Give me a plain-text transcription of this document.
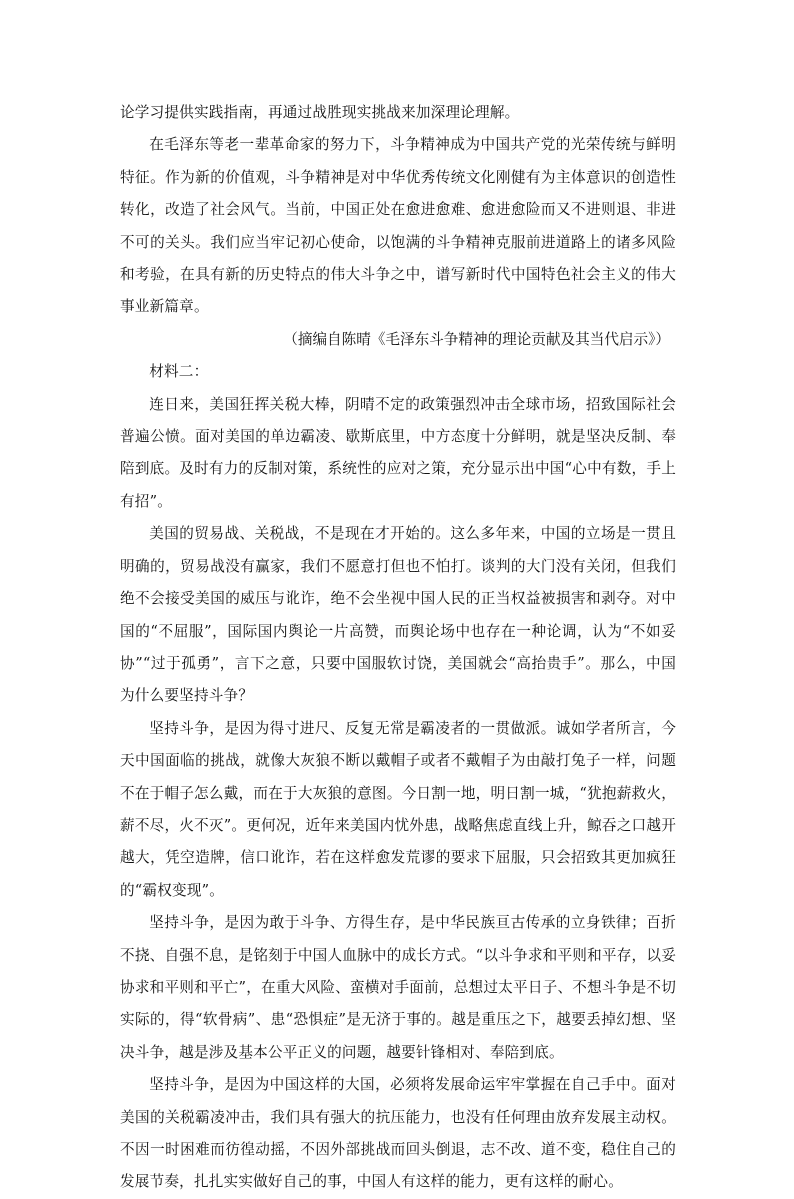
论学习提供实践指南，再通过战胜现实挑战来加深理论理解。

在毛泽东等老一辈革命家的努力下，斗争精神成为中国共产党的光荣传统与鲜明特征。作为新的价值观，斗争精神是对中华优秀传统文化刚健有为主体意识的创造性转化，改造了社会风气。当前，中国正处在愈进愈难、愈进愈险而又不进则退、非进不可的关头。我们应当牢记初心使命，以饱满的斗争精神克服前进道路上的诸多风险和考验，在具有新的历史特点的伟大斗争之中，谱写新时代中国特色社会主义的伟大事业新篇章。

（摘编自陈晴《毛泽东斗争精神的理论贡献及其当代启示》）

材料二：

连日来，美国狂挥关税大棒，阴晴不定的政策强烈冲击全球市场，招致国际社会普遍公愤。面对美国的单边霸凌、歇斯底里，中方态度十分鲜明，就是坚决反制、奉陪到底。及时有力的反制对策，系统性的应对之策，充分显示出中国“心中有数，手上有招”。

美国的贸易战、关税战，不是现在才开始的。这么多年来，中国的立场是一贯且明确的，贸易战没有赢家，我们不愿意打但也不怕打。谈判的大门没有关闭，但我们绝不会接受美国的威压与讹诈，绝不会坐视中国人民的正当权益被损害和剥夺。对中国的“不屈服”，国际国内舆论一片高赞，而舆论场中也存在一种论调，认为“不如妥协”“过于孤勇”，言下之意，只要中国服软讨饶，美国就会“高抬贵手”。那么，中国为什么要坚持斗争？

坚持斗争，是因为得寸进尺、反复无常是霸凌者的一贯做派。诚如学者所言，今天中国面临的挑战，就像大灰狼不断以戴帽子或者不戴帽子为由敲打兔子一样，问题不在于帽子怎么戴，而在于大灰狼的意图。今日割一地，明日割一城，“犹抱薪救火，薪不尽，火不灭”。更何况，近年来美国内忧外患，战略焦虑直线上升，鲸吞之口越开越大，凭空造牌，信口讹诈，若在这样愈发荒谬的要求下屈服，只会招致其更加疯狂的“霸权变现”。

坚持斗争，是因为敢于斗争、方得生存，是中华民族亘古传承的立身铁律；百折不挠、自强不息，是铭刻于中国人血脉中的成长方式。“以斗争求和平则和平存，以妥协求和平则和平亡”，在重大风险、蛮横对手面前，总想过太平日子、不想斗争是不切实际的，得“软骨病”、患“恐惧症”是无济于事的。越是重压之下，越要丢掉幻想、坚决斗争，越是涉及基本公平正义的问题，越要针锋相对、奉陪到底。

坚持斗争，是因为中国这样的大国，必须将发展命运牢牢掌握在自己手中。面对美国的关税霸凌冲击，我们具有强大的抗压能力，也没有任何理由放弃发展主动权。不因一时困难而彷徨动摇，不因外部挑战而回头倒退，志不改、道不变，稳住自己的发展节奏，扎扎实实做好自己的事，中国人有这样的能力，更有这样的耐心。
